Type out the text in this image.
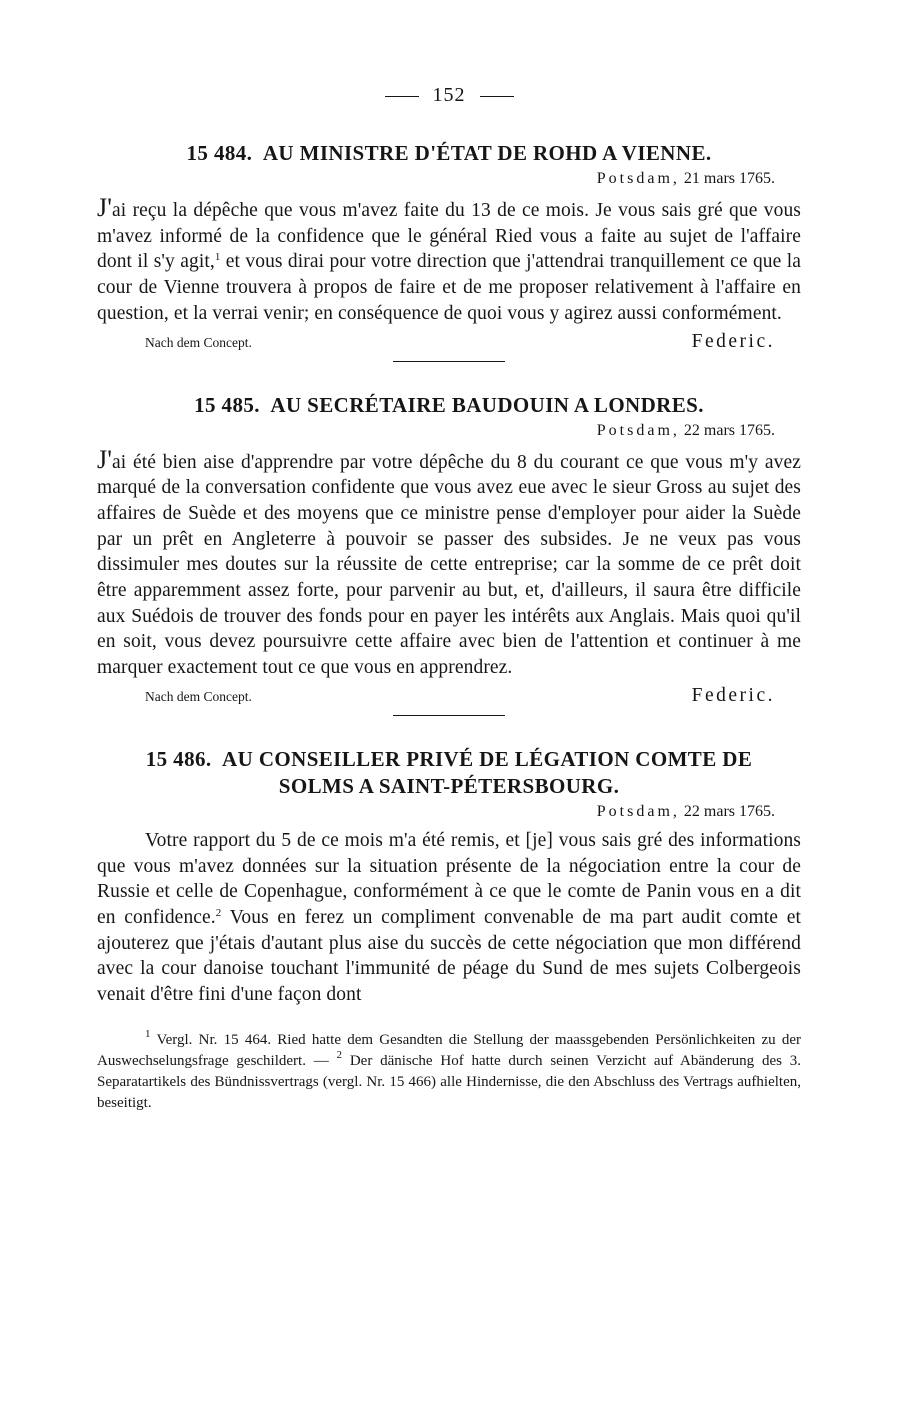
152
15 484. AU MINISTRE D'ÉTAT DE ROHD A VIENNE.
Potsdam, 21 mars 1765.

J'ai reçu la dépêche que vous m'avez faite du 13 de ce mois. Je vous sais gré que vous m'avez informé de la confidence que le général Ried vous a faite au sujet de l'affaire dont il s'y agit,$^1$ et vous dirai pour votre direction que j'attendrai tranquillement ce que la cour de Vienne trouvera à propos de faire et de me proposer relativement à l'affaire en question, et la verrai venir; en conséquence de quoi vous y agirez aussi conformément.

Nach dem Concept.	Federic.
15 485. AU SECRÉTAIRE BAUDOUIN A LONDRES.
Potsdam, 22 mars 1765.

J'ai été bien aise d'apprendre par votre dépêche du 8 du courant ce que vous m'y avez marqué de la conversation confidente que vous avez eue avec le sieur Gross au sujet des affaires de Suède et des moyens que ce ministre pense d'employer pour aider la Suède par un prêt en Angleterre à pouvoir se passer des subsides. Je ne veux pas vous dissimuler mes doutes sur la réussite de cette entreprise; car la somme de ce prêt doit être apparemment assez forte, pour parvenir au but, et, d'ailleurs, il saura être difficile aux Suédois de trouver des fonds pour en payer les intérêts aux Anglais. Mais quoi qu'il en soit, vous devez poursuivre cette affaire avec bien de l'attention et continuer à me marquer exactement tout ce que vous en apprendrez.

Nach dem Concept.	Federic.
15 486. AU CONSEILLER PRIVÉ DE LÉGATION COMTE DE SOLMS A SAINT-PÉTERSBOURG.
Potsdam, 22 mars 1765.

Votre rapport du 5 de ce mois m'a été remis, et [je] vous sais gré des informations que vous m'avez données sur la situation présente de la négociation entre la cour de Russie et celle de Copenhague, conformément à ce que le comte de Panin vous en a dit en confidence.$^2$ Vous en ferez un compliment convenable de ma part audit comte et ajouterez que j'étais d'autant plus aise du succès de cette négociation que mon différend avec la cour danoise touchant l'immunité de péage du Sund de mes sujets Colbergeois venait d'être fini d'une façon dont

$^1$ Vergl. Nr. 15 464. Ried hatte dem Gesandten die Stellung der maassgebenden Persönlichkeiten zu der Auswechselungsfrage geschildert. — $^2$ Der dänische Hof hatte durch seinen Verzicht auf Abänderung des 3. Separatartikels des Bündnissvertrags (vergl. Nr. 15 466) alle Hindernisse, die den Abschluss des Vertrags aufhielten, beseitigt.
